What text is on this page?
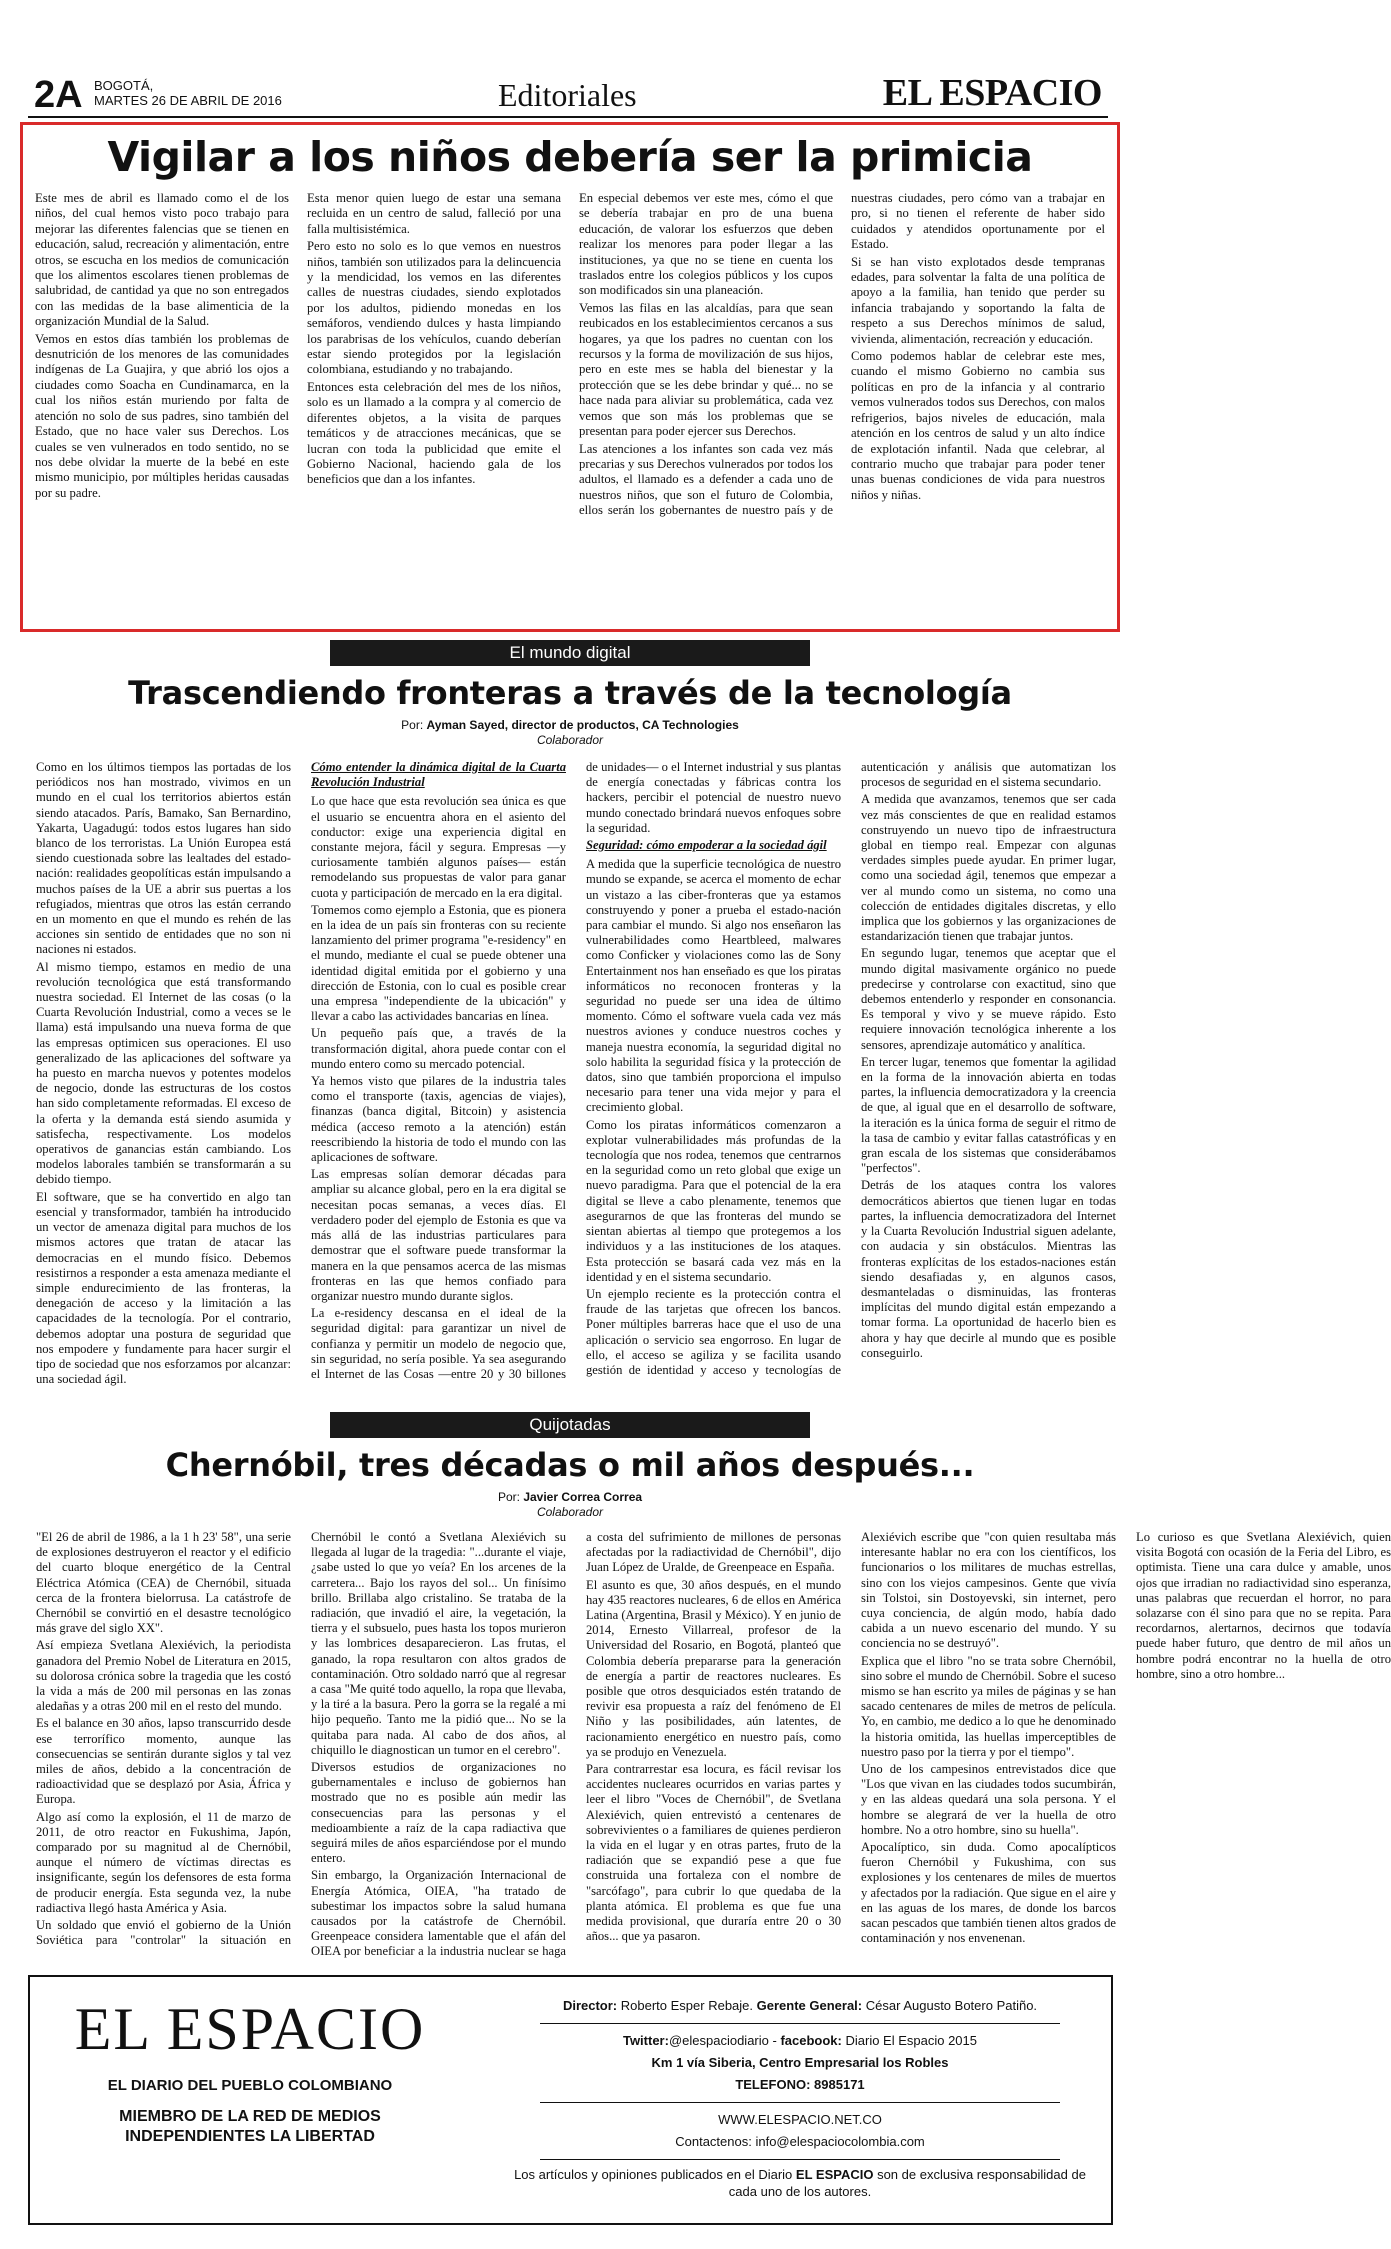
2A BOGOTÁ,
MARTES 26 DE ABRIL DE 2016	Editoriales	EL ESPACIO
Vigilar a los niños debería ser la primicia

Este mes de abril es llamado como el de los niños, del cual hemos visto poco trabajo para mejorar las diferentes falencias que se tienen en educación, salud, recreación y alimentación, entre otros, se escucha en los medios de comunicación que los alimentos escolares tienen problemas de salubridad, de cantidad ya que no son entregados con las medidas de la base alimenticia de la organización Mundial de la Salud.

Vemos en estos días también los problemas de desnutrición de los menores de las comunidades indígenas de La Guajira, y que abrió los ojos a ciudades como Soacha en Cundinamarca, en la cual los niños están muriendo por falta de atención no solo de sus padres, sino también del Estado, que no hace valer sus Derechos. Los cuales se ven vulnerados en todo sentido, no se nos debe olvidar la muerte de la bebé en este mismo municipio, por múltiples heridas causadas por su padre.

Esta menor quien luego de estar una semana recluida en un centro de salud, falleció por una falla multisistémica.

Pero esto no solo es lo que vemos en nuestros niños, también son utilizados para la delincuencia y la mendicidad, los vemos en las diferentes calles de nuestras ciudades, siendo explotados por los adultos, pidiendo monedas en los semáforos, vendiendo dulces y hasta limpiando los parabrisas de los vehículos, cuando deberían estar siendo protegidos por la legislación colombiana, estudiando y no trabajando.

Entonces esta celebración del mes de los niños, solo es un llamado a la compra y al comercio de diferentes objetos, a la visita de parques temáticos y de atracciones mecánicas, que se lucran con toda la publicidad que emite el Gobierno Nacional, haciendo gala de los beneficios que dan a los infantes.

En especial debemos ver este mes, cómo el que se debería trabajar en pro de una buena educación, de valorar los esfuerzos que deben realizar los menores para poder llegar a las instituciones, ya que no se tiene en cuenta los traslados entre los colegios públicos y los cupos son modificados sin una planeación.

Vemos las filas en las alcaldías, para que sean reubicados en los establecimientos cercanos a sus hogares, ya que los padres no cuentan con los recursos y la forma de movilización de sus hijos, pero en este mes se habla del bienestar y la protección que se les debe brindar y qué... no se hace nada para aliviar su problemática, cada vez vemos que son más los problemas que se presentan para poder ejercer sus Derechos.

Las atenciones a los infantes son cada vez más precarias y sus Derechos vulnerados por todos los adultos, el llamado es a defender a cada uno de nuestros niños, que son el futuro de Colombia, ellos serán los gobernantes de nuestro país y de nuestras ciudades, pero cómo van a trabajar en pro, si no tienen el referente de haber sido cuidados y atendidos oportunamente por el Estado.

Si se han visto explotados desde tempranas edades, para solventar la falta de una política de apoyo a la familia, han tenido que perder su infancia trabajando y soportando la falta de respeto a sus Derechos mínimos de salud, vivienda, alimentación, recreación y educación.

Como podemos hablar de celebrar este mes, cuando el mismo Gobierno no cambia sus políticas en pro de la infancia y al contrario vemos vulnerados todos sus Derechos, con malos refrigerios, bajos niveles de educación, mala atención en los centros de salud y un alto índice de explotación infantil. Nada que celebrar, al contrario mucho que trabajar para poder tener unas buenas condiciones de vida para nuestros niños y niñas.

El mundo digital
Trascendiendo fronteras a través de la tecnología
Por: Ayman Sayed, director de productos, CA Technologies
Colaborador

Como en los últimos tiempos las portadas de los periódicos nos han mostrado, vivimos en un mundo en el cual los territorios abiertos están siendo atacados. París, Bamako, San Bernardino, Yakarta, Uagadugú: todos estos lugares han sido blanco de los terroristas. La Unión Europea está siendo cuestionada sobre las lealtades del estado-nación: realidades geopolíticas están impulsando a muchos países de la UE a abrir sus puertas a los refugiados, mientras que otros las están cerrando en un momento en que el mundo es rehén de las acciones sin sentido de entidades que no son ni naciones ni estados.

Al mismo tiempo, estamos en medio de una revolución tecnológica que está transformando nuestra sociedad. El Internet de las cosas (o la Cuarta Revolución Industrial, como a veces se le llama) está impulsando una nueva forma de que las empresas optimicen sus operaciones. El uso generalizado de las aplicaciones del software ya ha puesto en marcha nuevos y potentes modelos de negocio, donde las estructuras de los costos han sido completamente reformadas. El exceso de la oferta y la demanda está siendo asumida y satisfecha, respectivamente. Los modelos operativos de ganancias están cambiando. Los modelos laborales también se transformarán a su debido tiempo.

El software, que se ha convertido en algo tan esencial y transformador, también ha introducido un vector de amenaza digital para muchos de los mismos actores que tratan de atacar las democracias en el mundo físico. Debemos resistirnos a responder a esta amenaza mediante el simple endurecimiento de las fronteras, la denegación de acceso y la limitación a las capacidades de la tecnología. Por el contrario, debemos adoptar una postura de seguridad que nos empodere y fundamente para hacer surgir el tipo de sociedad que nos esforzamos por alcanzar: una sociedad ágil.

Cómo entender la dinámica digital de la Cuarta Revolución Industrial

Lo que hace que esta revolución sea única es que el usuario se encuentra ahora en el asiento del conductor: exige una experiencia digital en constante mejora, fácil y segura. Empresas —y curiosamente también algunos países— están remodelando sus propuestas de valor para ganar cuota y participación de mercado en la era digital.

Tomemos como ejemplo a Estonia, que es pionera en la idea de un país sin fronteras con su reciente lanzamiento del primer programa "e-residency" en el mundo, mediante el cual se puede obtener una identidad digital emitida por el gobierno y una dirección de Estonia, con lo cual es posible crear una empresa "independiente de la ubicación" y llevar a cabo las actividades bancarias en línea.

Un pequeño país que, a través de la transformación digital, ahora puede contar con el mundo entero como su mercado potencial.

Ya hemos visto que pilares de la industria tales como el transporte (taxis, agencias de viajes), finanzas (banca digital, Bitcoin) y asistencia médica (acceso remoto a la atención) están reescribiendo la historia de todo el mundo con las aplicaciones de software.

Las empresas solían demorar décadas para ampliar su alcance global, pero en la era digital se necesitan pocas semanas, a veces días. El verdadero poder del ejemplo de Estonia es que va más allá de las industrias particulares para demostrar que el software puede transformar la manera en la que pensamos acerca de las mismas fronteras en las que hemos confiado para organizar nuestro mundo durante siglos.

La e-residency descansa en el ideal de la seguridad digital: para garantizar un nivel de confianza y permitir un modelo de negocio que, sin seguridad, no sería posible. Ya sea asegurando el Internet de las Cosas —entre 20 y 30 billones de unidades— o el Internet industrial y sus plantas de energía conectadas y fábricas contra los hackers, percibir el potencial de nuestro nuevo mundo conectado brindará nuevos enfoques sobre la seguridad.

Seguridad: cómo empoderar a la sociedad ágil

A medida que la superficie tecnológica de nuestro mundo se expande, se acerca el momento de echar un vistazo a las ciber-fronteras que ya estamos construyendo y poner a prueba el estado-nación para cambiar el mundo. Si algo nos enseñaron las vulnerabilidades como Heartbleed, malwares como Conficker y violaciones como las de Sony Entertainment nos han enseñado es que los piratas informáticos no reconocen fronteras y la seguridad no puede ser una idea de último momento. Cómo el software vuela cada vez más nuestros aviones y conduce nuestros coches y maneja nuestra economía, la seguridad digital no solo habilita la seguridad física y la protección de datos, sino que también proporciona el impulso necesario para tener una vida mejor y para el crecimiento global.

Como los piratas informáticos comenzaron a explotar vulnerabilidades más profundas de la tecnología que nos rodea, tenemos que centrarnos en la seguridad como un reto global que exige un nuevo paradigma. Para que el potencial de la era digital se lleve a cabo plenamente, tenemos que asegurarnos de que las fronteras del mundo se sientan abiertas al tiempo que protegemos a los individuos y a las instituciones de los ataques. Esta protección se basará cada vez más en la identidad y en el sistema secundario.

Un ejemplo reciente es la protección contra el fraude de las tarjetas que ofrecen los bancos. Poner múltiples barreras hace que el uso de una aplicación o servicio sea engorroso. En lugar de ello, el acceso se agiliza y se facilita usando gestión de identidad y acceso y tecnologías de autenticación y análisis que automatizan los procesos de seguridad en el sistema secundario.

A medida que avanzamos, tenemos que ser cada vez más conscientes de que en realidad estamos construyendo un nuevo tipo de infraestructura global en tiempo real. Empezar con algunas verdades simples puede ayudar. En primer lugar, como una sociedad ágil, tenemos que empezar a ver al mundo como un sistema, no como una colección de entidades digitales discretas, y ello implica que los gobiernos y las organizaciones de estandarización tienen que trabajar juntos.

En segundo lugar, tenemos que aceptar que el mundo digital masivamente orgánico no puede predecirse y controlarse con exactitud, sino que debemos entenderlo y responder en consonancia. Es temporal y vivo y se mueve rápido. Esto requiere innovación tecnológica inherente a los sensores, aprendizaje automático y analítica.

En tercer lugar, tenemos que fomentar la agilidad en la forma de la innovación abierta en todas partes, la influencia democratizadora y la creencia de que, al igual que en el desarrollo de software, la iteración es la única forma de seguir el ritmo de la tasa de cambio y evitar fallas catastróficas y en gran escala de los sistemas que considerábamos "perfectos".

Detrás de los ataques contra los valores democráticos abiertos que tienen lugar en todas partes, la influencia democratizadora del Internet y la Cuarta Revolución Industrial siguen adelante, con audacia y sin obstáculos. Mientras las fronteras explícitas de los estados-naciones están siendo desafiadas y, en algunos casos, desmanteladas o disminuidas, las fronteras implícitas del mundo digital están empezando a tomar forma. La oportunidad de hacerlo bien es ahora y hay que decirle al mundo que es posible conseguirlo.

Quijotadas
Chernóbil, tres décadas o mil años después...
Por: Javier Correa Correa
Colaborador

"El 26 de abril de 1986, a la 1 h 23' 58", una serie de explosiones destruyeron el reactor y el edificio del cuarto bloque energético de la Central Eléctrica Atómica (CEA) de Chernóbil, situada cerca de la frontera bielorrusa. La catástrofe de Chernóbil se convirtió en el desastre tecnológico más grave del siglo XX".

Así empieza Svetlana Alexiévich, la periodista ganadora del Premio Nobel de Literatura en 2015, su dolorosa crónica sobre la tragedia que les costó la vida a más de 200 mil personas en las zonas aledañas y a otras 200 mil en el resto del mundo.

Es el balance en 30 años, lapso transcurrido desde ese terrorífico momento, aunque las consecuencias se sentirán durante siglos y tal vez miles de años, debido a la concentración de radioactividad que se desplazó por Asia, África y Europa.

Algo así como la explosión, el 11 de marzo de 2011, de otro reactor en Fukushima, Japón, comparado por su magnitud al de Chernóbil, aunque el número de víctimas directas es insignificante, según los defensores de esta forma de producir energía. Esta segunda vez, la nube radiactiva llegó hasta América y Asia.

Un soldado que envió el gobierno de la Unión Soviética para "controlar" la situación en Chernóbil le contó a Svetlana Alexiévich su llegada al lugar de la tragedia: "...durante el viaje, ¿sabe usted lo que yo veía? En los arcenes de la carretera... Bajo los rayos del sol... Un finísimo brillo. Brillaba algo cristalino. Se trataba de la radiación, que invadió el aire, la vegetación, la tierra y el subsuelo, pues hasta los topos murieron y las lombrices desaparecieron. Las frutas, el ganado, la ropa resultaron con altos grados de contaminación. Otro soldado narró que al regresar a casa "Me quité todo aquello, la ropa que llevaba, y la tiré a la basura. Pero la gorra se la regalé a mi hijo pequeño. Tanto me la pidió que... No se la quitaba para nada. Al cabo de dos años, al chiquillo le diagnostican un tumor en el cerebro".

Diversos estudios de organizaciones no gubernamentales e incluso de gobiernos han mostrado que no es posible aún medir las consecuencias para las personas y el medioambiente a raíz de la capa radiactiva que seguirá miles de años esparciéndose por el mundo entero.

Sin embargo, la Organización Internacional de Energía Atómica, OIEA, "ha tratado de subestimar los impactos sobre la salud humana causados por la catástrofe de Chernóbil. Greenpeace considera lamentable que el afán del OIEA por beneficiar a la industria nuclear se haga a costa del sufrimiento de millones de personas afectadas por la radiactividad de Chernóbil", dijo Juan López de Uralde, de Greenpeace en España.

El asunto es que, 30 años después, en el mundo hay 435 reactores nucleares, 6 de ellos en América Latina (Argentina, Brasil y México). Y en junio de 2014, Ernesto Villarreal, profesor de la Universidad del Rosario, en Bogotá, planteó que Colombia debería prepararse para la generación de energía a partir de reactores nucleares. Es posible que otros desquiciados estén tratando de revivir esa propuesta a raíz del fenómeno de El Niño y las posibilidades, aún latentes, de racionamiento energético en nuestro país, como ya se produjo en Venezuela.

Para contrarrestar esa locura, es fácil revisar los accidentes nucleares ocurridos en varias partes y leer el libro "Voces de Chernóbil", de Svetlana Alexiévich, quien entrevistó a centenares de sobrevivientes o a familiares de quienes perdieron la vida en el lugar y en otras partes, fruto de la radiación que se expandió pese a que fue construida una fortaleza con el nombre de "sarcófago", para cubrir lo que quedaba de la planta atómica. El problema es que fue una medida provisional, que duraría entre 20 o 30 años... que ya pasaron.

Alexiévich escribe que "con quien resultaba más interesante hablar no era con los científicos, los funcionarios o los militares de muchas estrellas, sino con los viejos campesinos. Gente que vivía sin Tolstoi, sin Dostoyevski, sin internet, pero cuya conciencia, de algún modo, había dado cabida a un nuevo escenario del mundo. Y su conciencia no se destruyó".

Explica que el libro "no se trata sobre Chernóbil, sino sobre el mundo de Chernóbil. Sobre el suceso mismo se han escrito ya miles de páginas y se han sacado centenares de miles de metros de película. Yo, en cambio, me dedico a lo que he denominado la historia omitida, las huellas imperceptibles de nuestro paso por la tierra y por el tiempo".

Uno de los campesinos entrevistados dice que "Los que vivan en las ciudades todos sucumbirán, y en las aldeas quedará una sola persona. Y el hombre se alegrará de ver la huella de otro hombre. No a otro hombre, sino su huella".

Apocalíptico, sin duda. Como apocalípticos fueron Chernóbil y Fukushima, con sus explosiones y los centenares de miles de muertos y afectados por la radiación. Que sigue en el aire y en las aguas de los mares, de donde los barcos sacan pescados que también tienen altos grados de contaminación y nos envenenan.

Lo curioso es que Svetlana Alexiévich, quien visita Bogotá con ocasión de la Feria del Libro, es optimista. Tiene una cara dulce y amable, unos ojos que irradian no radiactividad sino esperanza, unas palabras que recuerdan el horror, no para solazarse con él sino para que no se repita. Para recordarnos, alertarnos, decirnos que todavía puede haber futuro, que dentro de mil años un hombre podrá encontrar no la huella de otro hombre, sino a otro hombre...

EL ESPACIO
EL DIARIO DEL PUEBLO COLOMBIANO
MIEMBRO DE LA RED DE MEDIOS
INDEPENDIENTES LA LIBERTAD
Director: Roberto Esper Rebaje. Gerente General: César Augusto Botero Patiño.
Twitter:@elespaciodiario - facebook: Diario El Espacio 2015
Km 1 vía Siberia, Centro Empresarial los Robles
TELEFONO: 8985171
WWW.ELESPACIO.NET.CO
Contactenos: info@elespaciocolombia.com
Los artículos y opiniones publicados en el Diario EL ESPACIO son de exclusiva responsabilidad de cada uno de los autores.
